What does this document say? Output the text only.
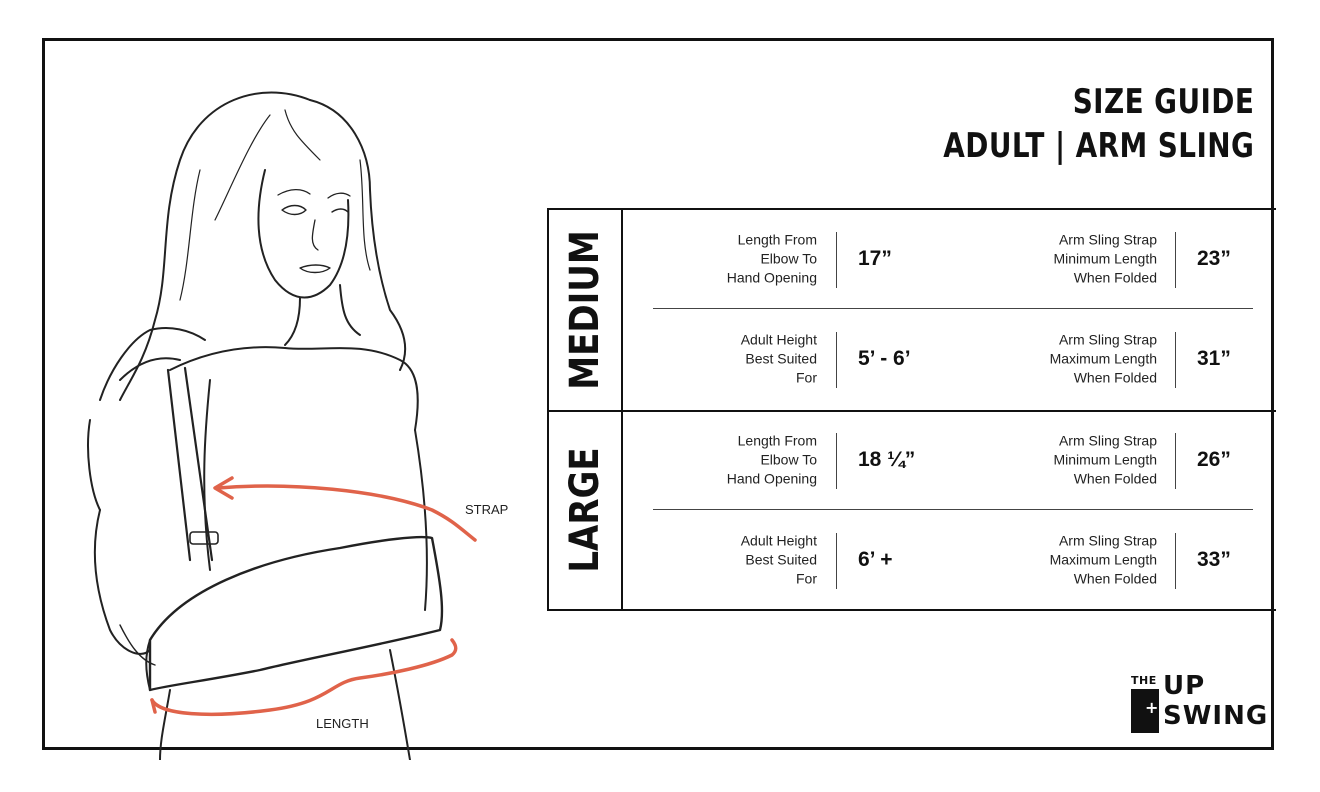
STRAP
LENGTH
SIZE GUIDE
ADULT | ARM SLING
MEDIUM	Length From
Elbow To
Hand Opening
17”
Arm Sling Strap
Minimum Length
When Folded
23”
Adult Height
Best Suited
For
5’ - 6’
Arm Sling Strap
Maximum Length
When Folded
31”
LARGE
Length From
Elbow To
Hand Opening
18 ¼”
Arm Sling Strap
Minimum Length
When Folded
26”
Adult Height
Best Suited
For
6’ +
Arm Sling Strap
Maximum Length
When Folded
33”
THE
+
UP
SWING
